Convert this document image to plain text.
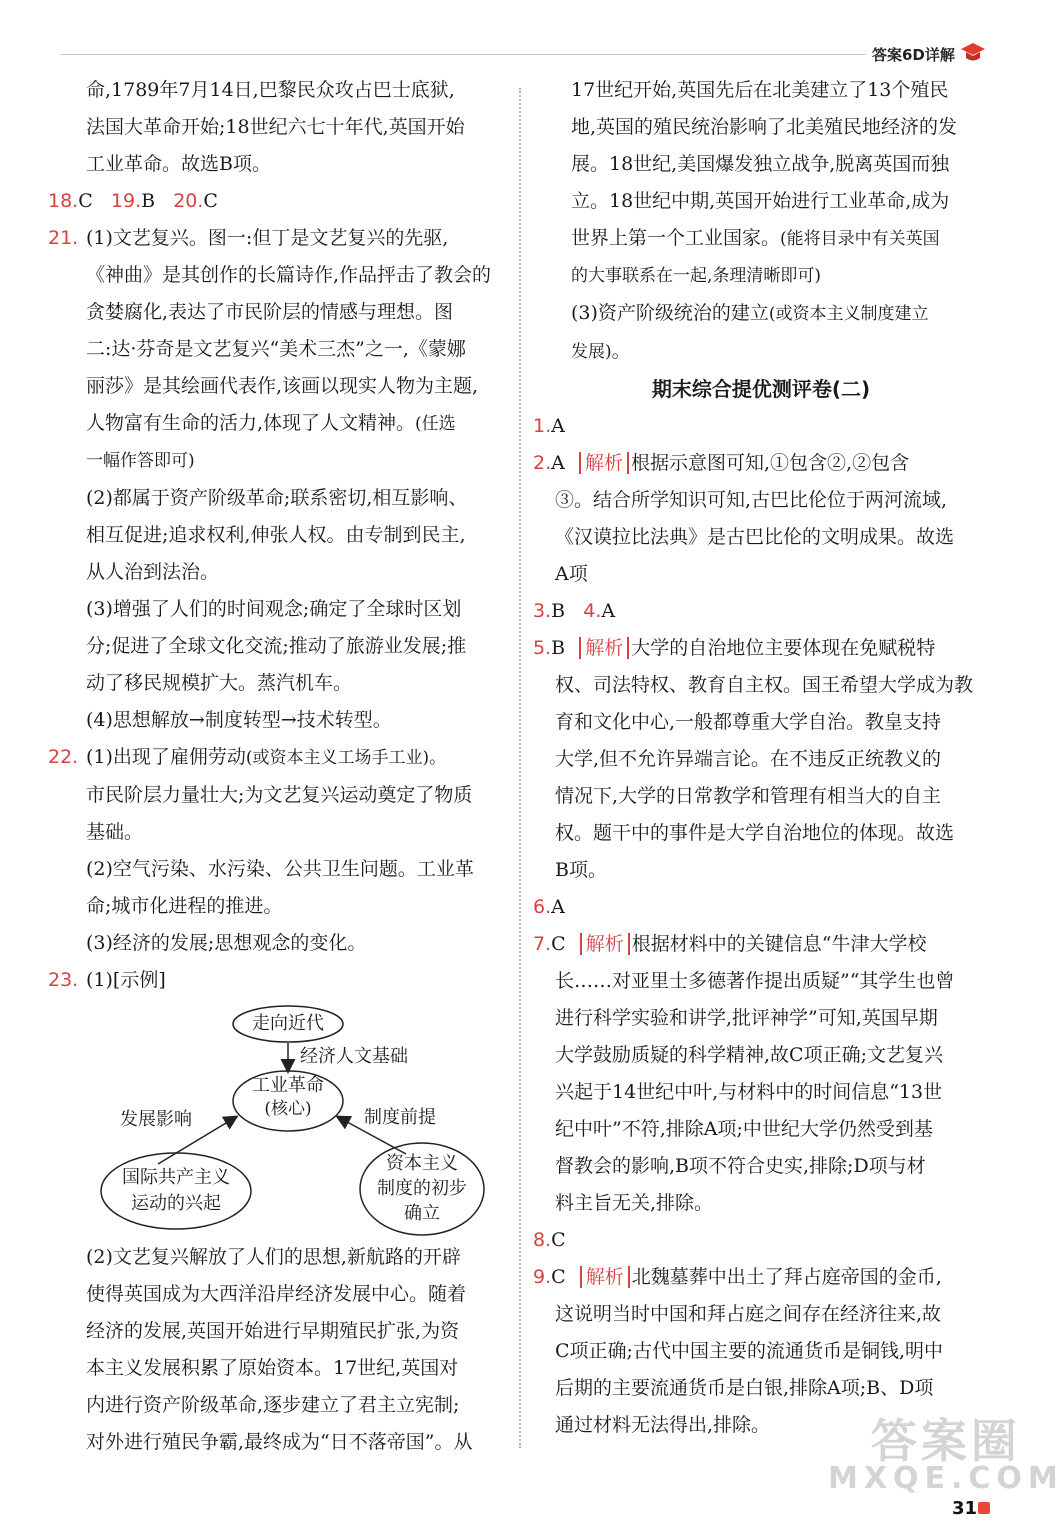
答案6D详解

命,1789年7月14日,巴黎民众攻占巴士底狱,

法国大革命开始;18世纪六七十年代,英国开始

工业革命。故选B项。

18.C 19.B 20.C

21. (1)文艺复兴。图一:但丁是文艺复兴的先驱,

《神曲》是其创作的长篇诗作,作品抨击了教会的

贪婪腐化,表达了市民阶层的情感与理想。图

二:达·芬奇是文艺复兴“美术三杰”之一,《蒙娜

丽莎》是其绘画代表作,该画以现实人物为主题,

人物富有生命的活力,体现了人文精神。(任选

一幅作答即可)

(2)都属于资产阶级革命;联系密切,相互影响、

相互促进;追求权利,伸张人权。由专制到民主,

从人治到法治。

(3)增强了人们的时间观念;确定了全球时区划

分;促进了全球文化交流;推动了旅游业发展;推

动了移民规模扩大。蒸汽机车。

(4)思想解放→制度转型→技术转型。

22. (1)出现了雇佣劳动(或资本主义工场手工业)。

市民阶层力量壮大;为文艺复兴运动奠定了物质

基础。

(2)空气污染、水污染、公共卫生问题。工业革

命;城市化进程的推进。

(3)经济的发展;思想观念的变化。

23. (1)[示例]

走向近代
经济人文基础
工业革命
(核心)
发展影响	制度前提
国际共产主义
运动的兴起
资本主义
制度的初步
确立

(2)文艺复兴解放了人们的思想,新航路的开辟

使得英国成为大西洋沿岸经济发展中心。随着

经济的发展,英国开始进行早期殖民扩张,为资

本主义发展积累了原始资本。17世纪,英国对

内进行资产阶级革命,逐步建立了君主立宪制;

对外进行殖民争霸,最终成为“日不落帝国”。从

17世纪开始,英国先后在北美建立了13个殖民

地,英国的殖民统治影响了北美殖民地经济的发

展。18世纪,美国爆发独立战争,脱离英国而独

立。18世纪中期,英国开始进行工业革命,成为

世界上第一个工业国家。(能将目录中有关英国

的大事联系在一起,条理清晰即可)

(3)资产阶级统治的建立(或资本主义制度建立

发展)。

期末综合提优测评卷(二)

1.A

2.A 解析 根据示意图可知,①包含②,②包含

③。结合所学知识可知,古巴比伦位于两河流域,

《汉谟拉比法典》是古巴比伦的文明成果。故选

A项

3.B 4.A

5.B 解析 大学的自治地位主要体现在免赋税特

权、司法特权、教育自主权。国王希望大学成为教

育和文化中心,一般都尊重大学自治。教皇支持

大学,但不允许异端言论。在不违反正统教义的

情况下,大学的日常教学和管理有相当大的自主

权。题干中的事件是大学自治地位的体现。故选

B项。

6.A

7.C 解析 根据材料中的关键信息“牛津大学校

长……对亚里士多德著作提出质疑”“其学生也曾

进行科学实验和讲学,批评神学”可知,英国早期

大学鼓励质疑的科学精神,故C项正确;文艺复兴

兴起于14世纪中叶,与材料中的时间信息“13世

纪中叶”不符,排除A项;中世纪大学仍然受到基

督教会的影响,B项不符合史实,排除;D项与材

料主旨无关,排除。

8.C

9.C 解析 北魏墓葬中出土了拜占庭帝国的金币,

这说明当时中国和拜占庭之间存在经济往来,故

C项正确;古代中国主要的流通货币是铜钱,明中

后期的主要流通货币是白银,排除A项;B、D项

通过材料无法得出,排除。	答案圈
MXQE.COM
31
